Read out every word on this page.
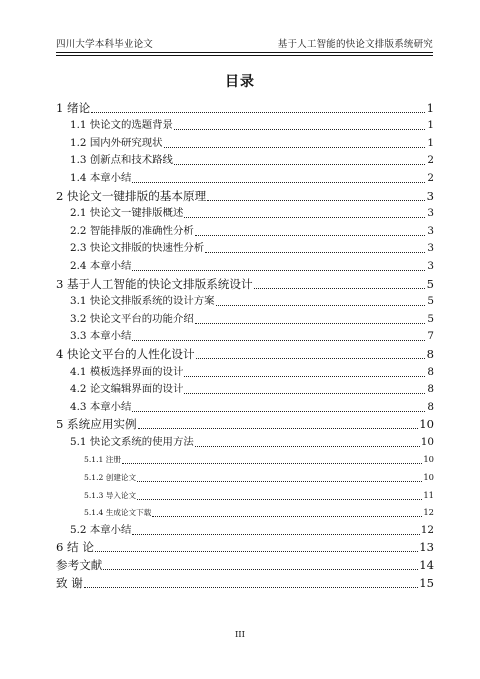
四川大学本科毕业论文	基于人工智能的快论文排版系统研究
目录
1 绪论	1
1.1 快论文的选题背景	1
1.2 国内外研究现状	1
1.3 创新点和技术路线	2
1.4 本章小结	2
2 快论文一键排版的基本原理	3
2.1 快论文一键排版概述	3
2.2 智能排版的准确性分析	3
2.3 快论文排版的快速性分析	3
2.4 本章小结	3
3 基于人工智能的快论文排版系统设计	5
3.1 快论文排版系统的设计方案	5
3.2 快论文平台的功能介绍	5
3.3 本章小结	7
4 快论文平台的人性化设计	8
4.1 模板选择界面的设计	8
4.2 论文编辑界面的设计	8
4.3 本章小结	8
5 系统应用实例	10
5.1 快论文系统的使用方法	10
5.1.1 注册	10
5.1.2 创建论文	10
5.1.3 导入论文	11
5.1.4 生成论文下载	12
5.2 本章小结	12
6 结 论	13
参考文献	14
致 谢	15
III
